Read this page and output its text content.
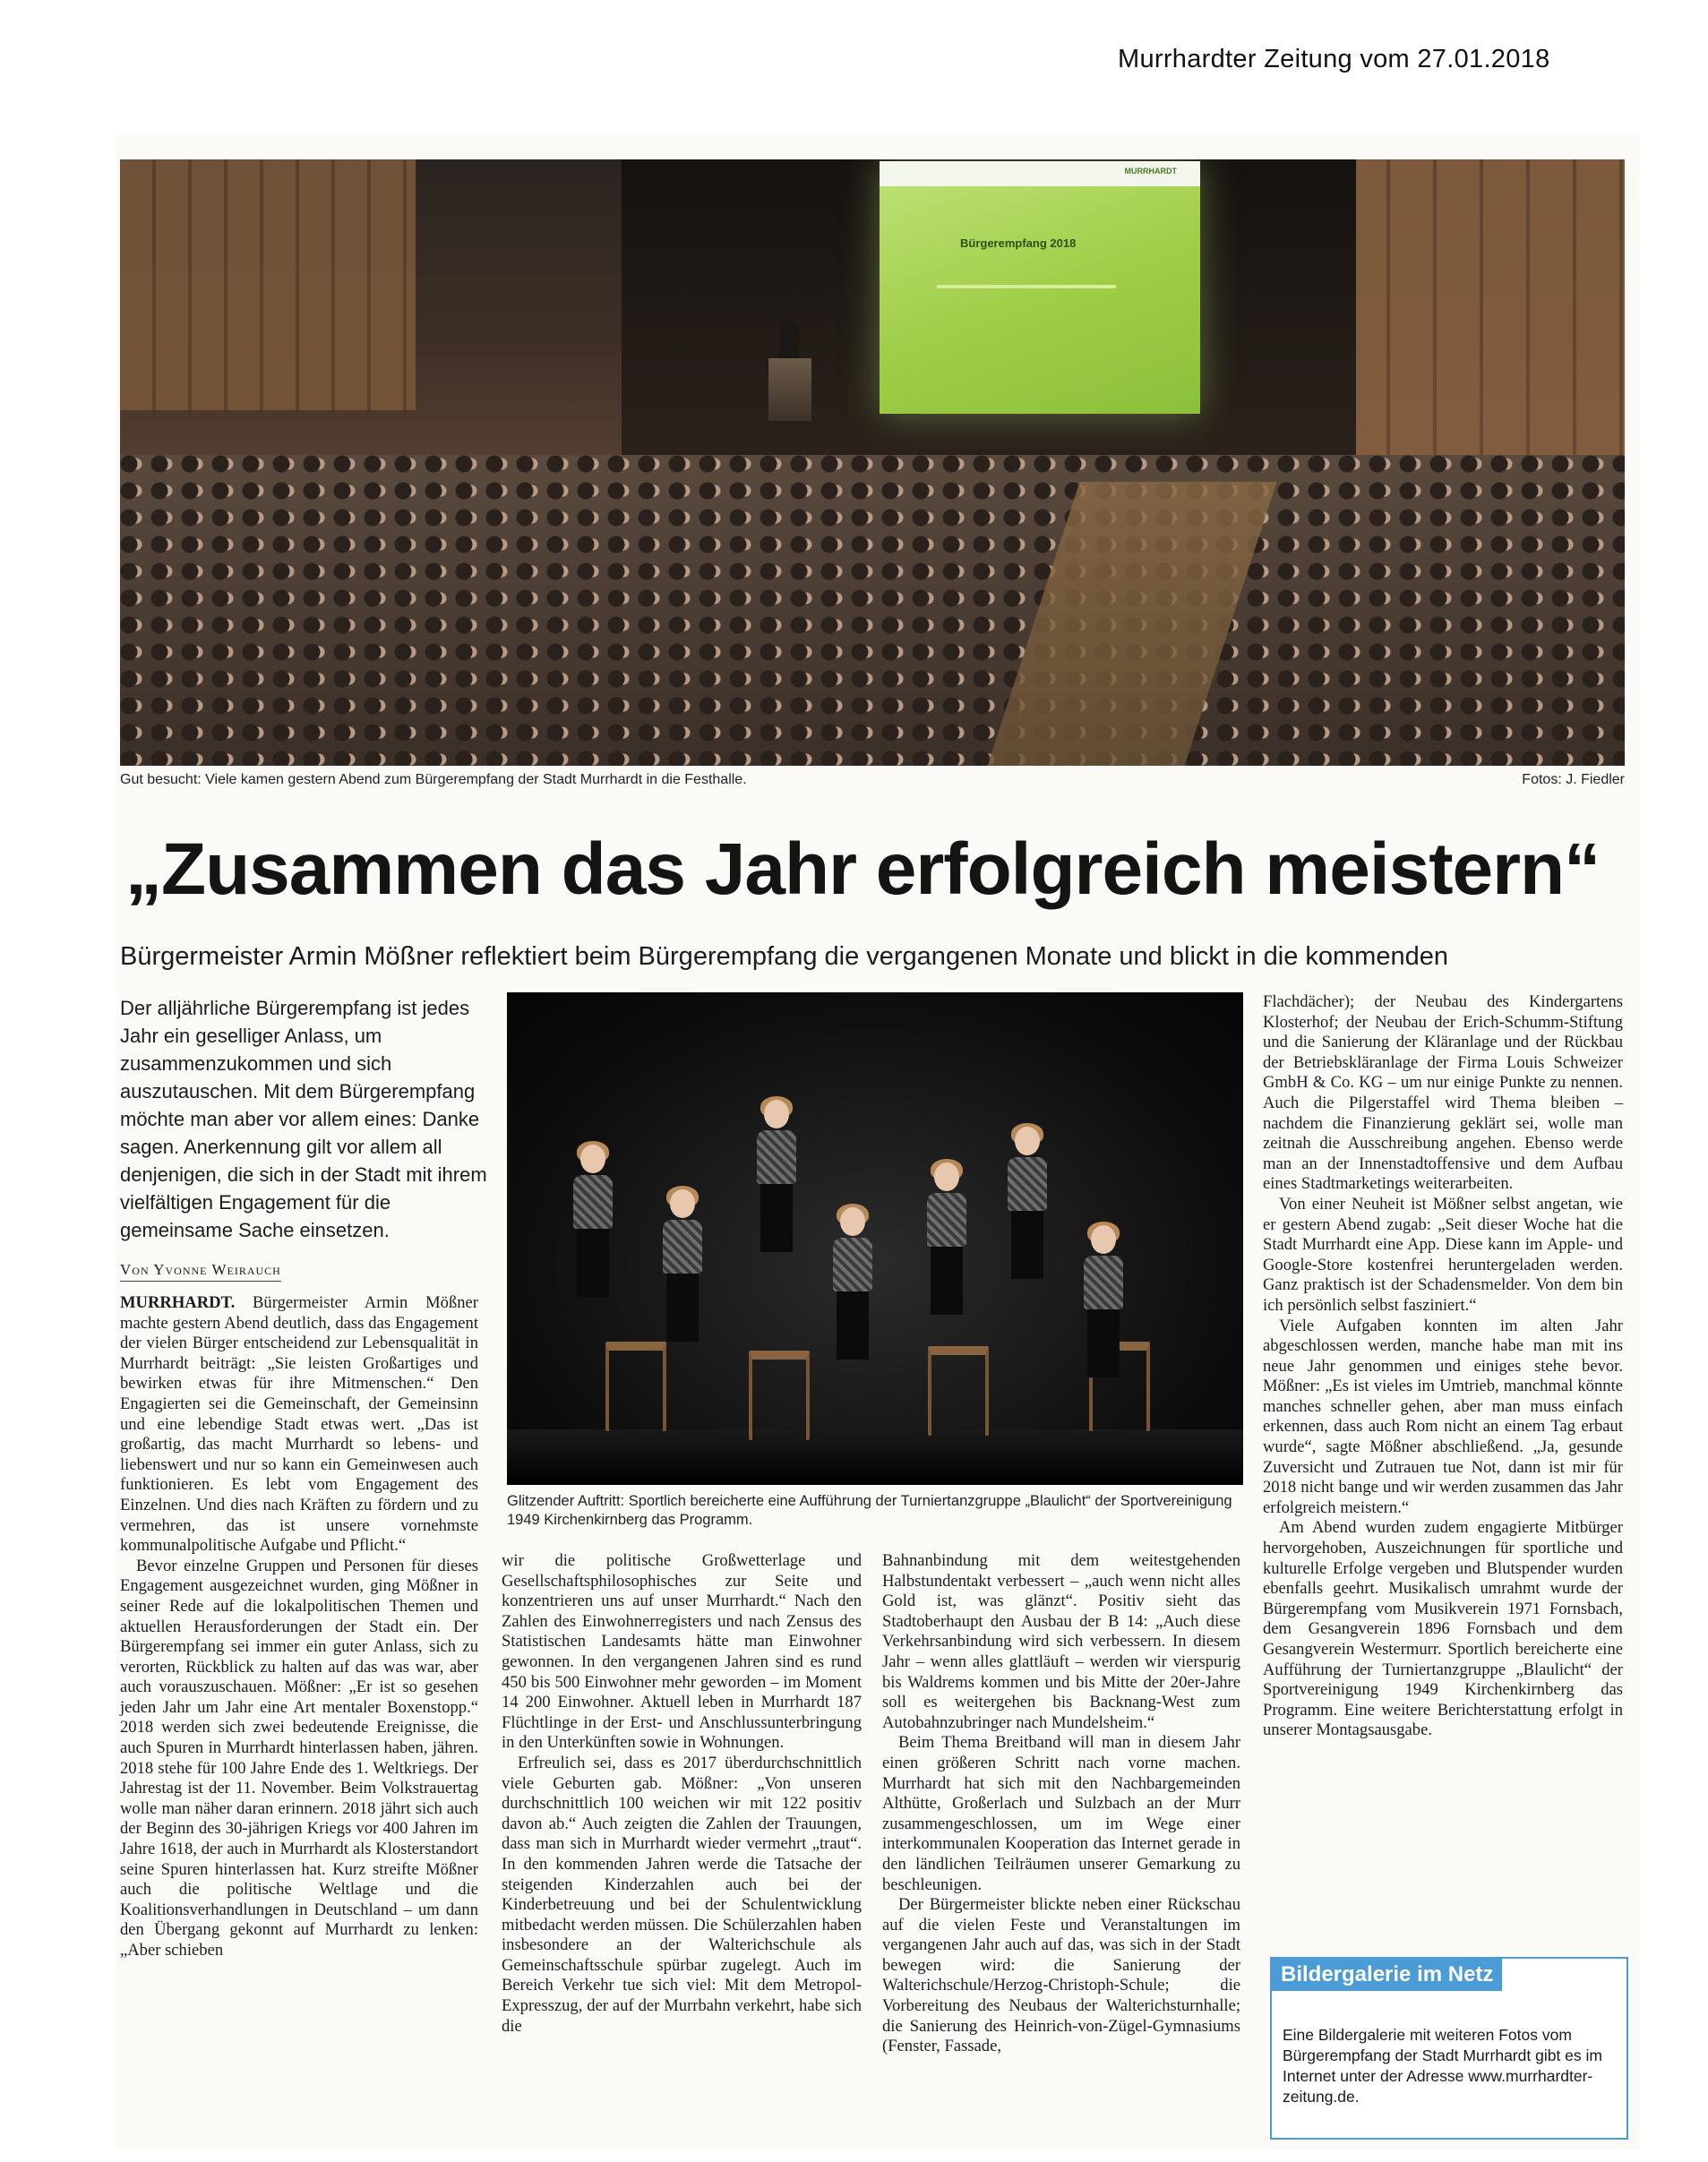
Murrhardter Zeitung vom 27.01.2018
MURRHARDT
Bürgerempfang 2018
Gut besucht: Viele kamen gestern Abend zum Bürgerempfang der Stadt Murrhardt in die Festhalle.	Fotos: J. Fiedler
„Zusammen das Jahr erfolgreich meistern“
Bürgermeister Armin Mößner reflektiert beim Bürgerempfang die vergangenen Monate und blickt in die kommenden
Der alljährliche Bürgerempfang ist jedes Jahr ein geselliger Anlass, um zusammenzukommen und sich auszutauschen. Mit dem Bürgerempfang möchte man aber vor allem eines: Danke sagen. Anerkennung gilt vor allem all denjenigen, die sich in der Stadt mit ihrem vielfältigen Engagement für die gemeinsame Sache einsetzen.
Von Yvonne Weirauch

MURRHARDT. Bürgermeister Armin Mößner machte gestern Abend deutlich, dass das Engagement der vielen Bürger entscheidend zur Lebensqualität in Murrhardt beiträgt: „Sie leisten Großartiges und bewirken etwas für ihre Mitmenschen.“ Den Engagierten sei die Gemeinschaft, der Gemeinsinn und eine lebendige Stadt etwas wert. „Das ist großartig, das macht Murrhardt so lebens- und liebenswert und nur so kann ein Gemeinwesen auch funktionieren. Es lebt vom Engagement des Einzelnen. Und dies nach Kräften zu fördern und zu vermehren, das ist unsere vornehmste kommunalpolitische Aufgabe und Pflicht.“

Bevor einzelne Gruppen und Personen für dieses Engagement ausgezeichnet wurden, ging Mößner in seiner Rede auf die lokalpolitischen Themen und aktuellen Herausforderungen der Stadt ein. Der Bürgerempfang sei immer ein guter Anlass, sich zu verorten, Rückblick zu halten auf das was war, aber auch vorauszuschauen. Mößner: „Er ist so gesehen jeden Jahr um Jahr eine Art mentaler Boxenstopp.“ 2018 werden sich zwei bedeutende Ereignisse, die auch Spuren in Murrhardt hinterlassen haben, jähren. 2018 stehe für 100 Jahre Ende des 1. Weltkriegs. Der Jahrestag ist der 11. November. Beim Volkstrauertag wolle man näher daran erinnern. 2018 jährt sich auch der Beginn des 30-jährigen Kriegs vor 400 Jahren im Jahre 1618, der auch in Murrhardt als Klosterstandort seine Spuren hinterlassen hat. Kurz streifte Mößner auch die politische Weltlage und die Koalitionsverhandlungen in Deutschland – um dann den Übergang gekonnt auf Murrhardt zu lenken: „Aber schieben

Glitzender Auftritt: Sportlich bereicherte eine Aufführung der Turniertanzgruppe „Blaulicht“ der Sportvereinigung 1949 Kirchenkirnberg das Programm.

wir die politische Großwetterlage und Gesellschaftsphilosophisches zur Seite und konzentrieren uns auf unser Murrhardt.“ Nach den Zahlen des Einwohnerregisters und nach Zensus des Statistischen Landesamts hätte man Einwohner gewonnen. In den vergangenen Jahren sind es rund 450 bis 500 Einwohner mehr geworden – im Moment 14 200 Einwohner. Aktuell leben in Murrhardt 187 Flüchtlinge in der Erst- und Anschlussunterbringung in den Unterkünften sowie in Wohnungen.

Erfreulich sei, dass es 2017 überdurchschnittlich viele Geburten gab. Mößner: „Von unseren durchschnittlich 100 weichen wir mit 122 positiv davon ab.“ Auch zeigten die Zahlen der Trauungen, dass man sich in Murrhardt wieder vermehrt „traut“. In den kommenden Jahren werde die Tatsache der steigenden Kinderzahlen auch bei der Kinderbetreuung und bei der Schulentwicklung mitbedacht werden müssen. Die Schülerzahlen haben insbesondere an der Walterichschule als Gemeinschaftsschule spürbar zugelegt. Auch im Bereich Verkehr tue sich viel: Mit dem Metropol-Expresszug, der auf der Murrbahn verkehrt, habe sich die

Bahnanbindung mit dem weitestgehenden Halbstundentakt verbessert – „auch wenn nicht alles Gold ist, was glänzt“. Positiv sieht das Stadtoberhaupt den Ausbau der B 14: „Auch diese Verkehrsanbindung wird sich verbessern. In diesem Jahr – wenn alles glattläuft – werden wir vierspurig bis Waldrems kommen und bis Mitte der 20er-Jahre soll es weitergehen bis Backnang-West zum Autobahnzubringer nach Mundelsheim.“

Beim Thema Breitband will man in diesem Jahr einen größeren Schritt nach vorne machen. Murrhardt hat sich mit den Nachbargemeinden Althütte, Großerlach und Sulzbach an der Murr zusammengeschlossen, um im Wege einer interkommunalen Kooperation das Internet gerade in den ländlichen Teilräumen unserer Gemarkung zu beschleunigen.

Der Bürgermeister blickte neben einer Rückschau auf die vielen Feste und Veranstaltungen im vergangenen Jahr auch auf das, was sich in der Stadt bewegen wird: die Sanierung der Walterichschule/Herzog-Christoph-Schule; die Vorbereitung des Neubaus der Walterichsturnhalle; die Sanierung des Heinrich-von-Zügel-Gymnasiums (Fenster, Fassade,

Flachdächer); der Neubau des Kindergartens Klosterhof; der Neubau der Erich-Schumm-Stiftung und die Sanierung der Kläranlage und der Rückbau der Betriebskläranlage der Firma Louis Schweizer GmbH & Co. KG – um nur einige Punkte zu nennen. Auch die Pilgerstaffel wird Thema bleiben – nachdem die Finanzierung geklärt sei, wolle man zeitnah die Ausschreibung angehen. Ebenso werde man an der Innenstadtoffensive und dem Aufbau eines Stadtmarketings weiterarbeiten.

Von einer Neuheit ist Mößner selbst angetan, wie er gestern Abend zugab: „Seit dieser Woche hat die Stadt Murrhardt eine App. Diese kann im Apple- und Google-Store kostenfrei heruntergeladen werden. Ganz praktisch ist der Schadensmelder. Von dem bin ich persönlich selbst fasziniert.“

Viele Aufgaben konnten im alten Jahr abgeschlossen werden, manche habe man mit ins neue Jahr genommen und einiges stehe bevor. Mößner: „Es ist vieles im Umtrieb, manchmal könnte manches schneller gehen, aber man muss einfach erkennen, dass auch Rom nicht an einem Tag erbaut wurde“, sagte Mößner abschließend. „Ja, gesunde Zuversicht und Zutrauen tue Not, dann ist mir für 2018 nicht bange und wir werden zusammen das Jahr erfolgreich meistern.“

Am Abend wurden zudem engagierte Mitbürger hervorgehoben, Auszeichnungen für sportliche und kulturelle Erfolge vergeben und Blutspender wurden ebenfalls geehrt. Musikalisch umrahmt wurde der Bürgerempfang vom Musikverein 1971 Fornsbach, dem Gesangverein 1896 Fornsbach und dem Gesangverein Westermurr. Sportlich bereicherte eine Aufführung der Turniertanzgruppe „Blaulicht“ der Sportvereinigung 1949 Kirchenkirnberg das Programm. Eine weitere Berichterstattung erfolgt in unserer Montagsausgabe.

Bildergalerie im Netz
Eine Bildergalerie mit weiteren Fotos vom Bürgerempfang der Stadt Murrhardt gibt es im Internet unter der Adresse www.murrhardter-zeitung.de.
